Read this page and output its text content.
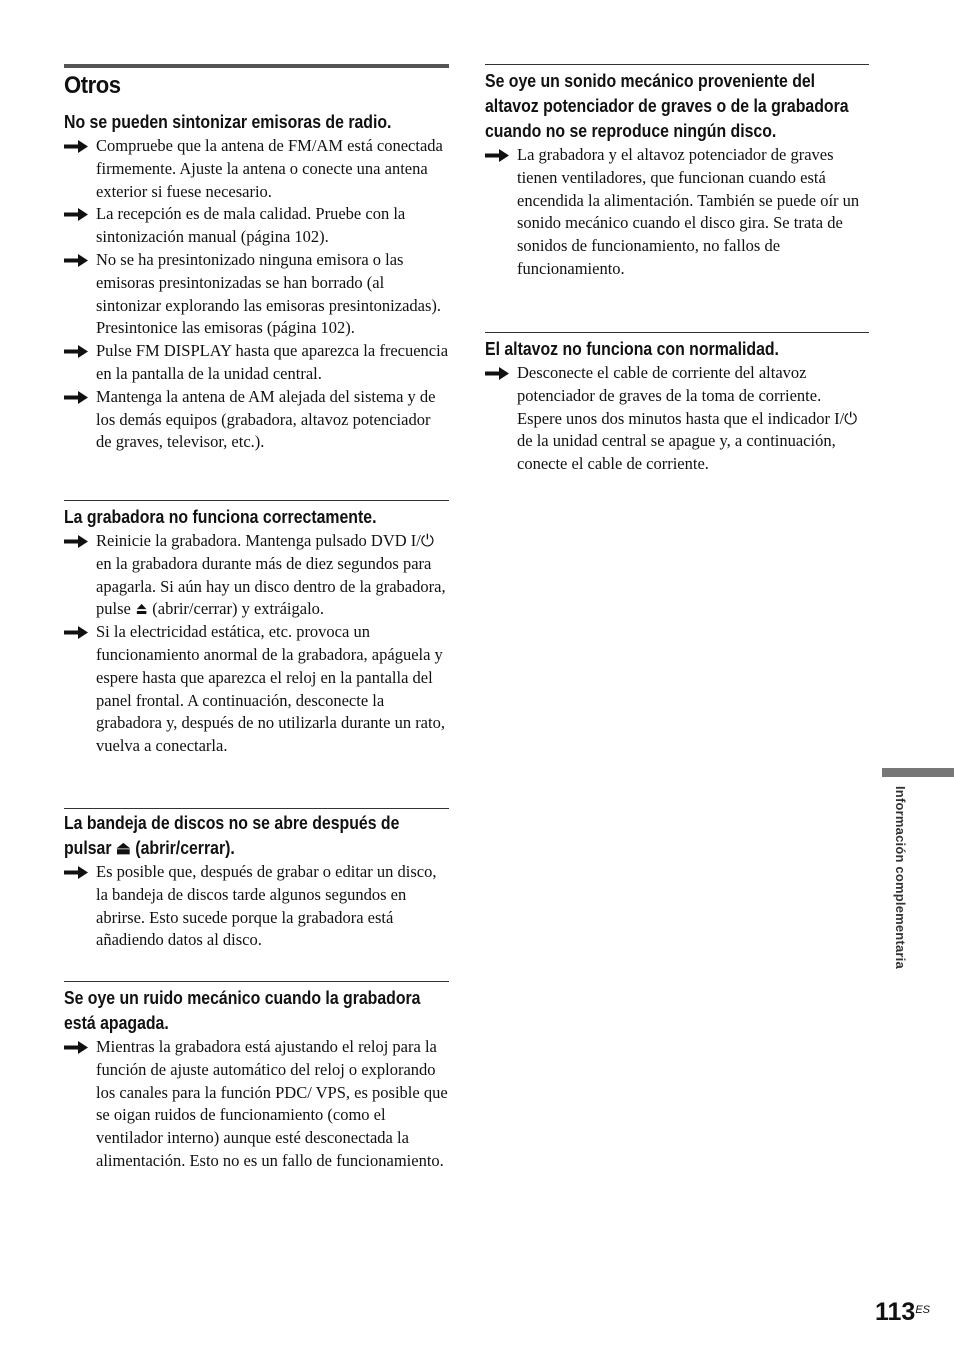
Otros
No se pueden sintonizar emisoras de radio.
Compruebe que la antena de FM/AM está conectada firmemente. Ajuste la antena o conecte una antena exterior si fuese necesario.
La recepción es de mala calidad. Pruebe con la sintonización manual (página 102).
No se ha presintonizado ninguna emisora o las emisoras presintonizadas se han borrado (al sintonizar explorando las emisoras presintonizadas). Presintonice las emisoras (página 102).
Pulse FM DISPLAY hasta que aparezca la frecuencia en la pantalla de la unidad central.
Mantenga la antena de AM alejada del sistema y de los demás equipos (grabadora, altavoz potenciador de graves, televisor, etc.).
La grabadora no funciona correctamente.
Reinicie la grabadora. Mantenga pulsado DVD I/⏻ en la grabadora durante más de diez segundos para apagarla. Si aún hay un disco dentro de la grabadora, pulse ⏏ (abrir/cerrar) y extráigalo.
Si la electricidad estática, etc. provoca un funcionamiento anormal de la grabadora, apáguela y espere hasta que aparezca el reloj en la pantalla del panel frontal. A continuación, desconecte la grabadora y, después de no utilizarla durante un rato, vuelva a conectarla.
La bandeja de discos no se abre después de pulsar ⏏ (abrir/cerrar).
Es posible que, después de grabar o editar un disco, la bandeja de discos tarde algunos segundos en abrirse. Esto sucede porque la grabadora está añadiendo datos al disco.
Se oye un ruido mecánico cuando la grabadora está apagada.
Mientras la grabadora está ajustando el reloj para la función de ajuste automático del reloj o explorando los canales para la función PDC/ VPS, es posible que se oigan ruidos de funcionamiento (como el ventilador interno) aunque esté desconectada la alimentación. Esto no es un fallo de funcionamiento.
Se oye un sonido mecánico proveniente del altavoz potenciador de graves o de la grabadora cuando no se reproduce ningún disco.
La grabadora y el altavoz potenciador de graves tienen ventiladores, que funcionan cuando está encendida la alimentación. También se puede oír un sonido mecánico cuando el disco gira. Se trata de sonidos de funcionamiento, no fallos de funcionamiento.
El altavoz no funciona con normalidad.
Desconecte el cable de corriente del altavoz potenciador de graves de la toma de corriente. Espere unos dos minutos hasta que el indicador I/⏻ de la unidad central se apague y, a continuación, conecte el cable de corriente.
Información complementaria
$113^{ES}$
